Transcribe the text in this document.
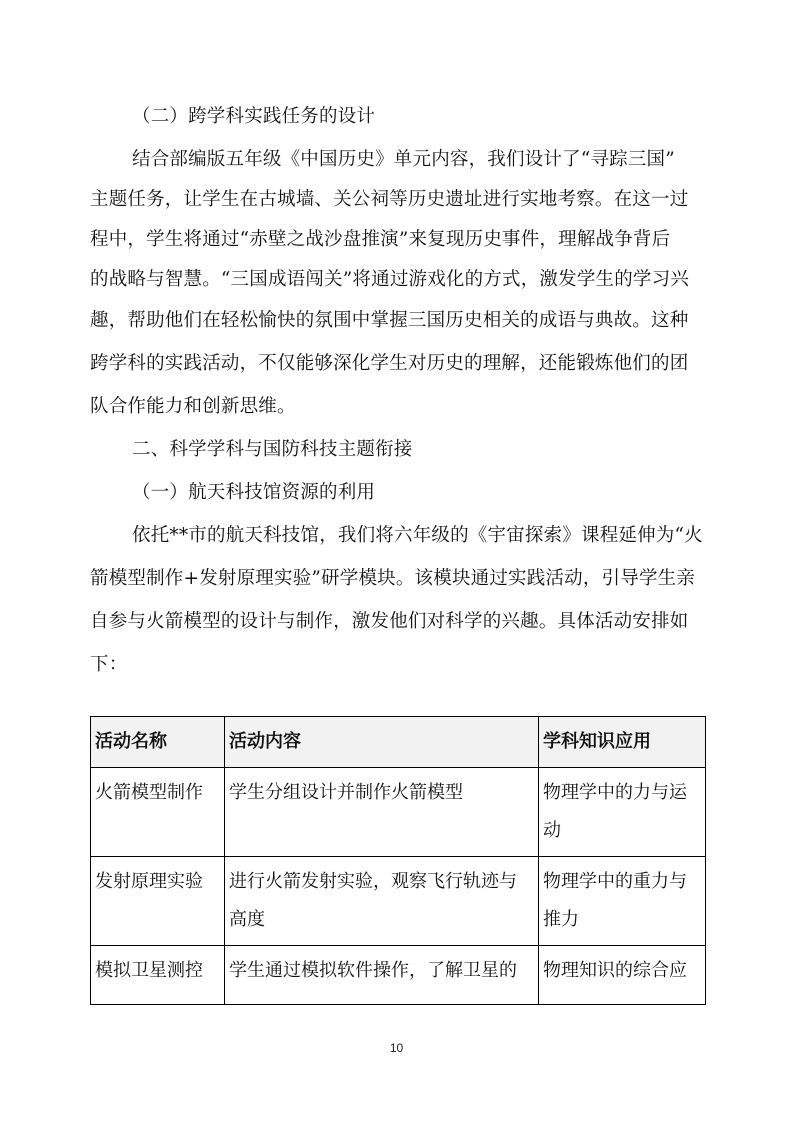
（二）跨学科实践任务的设计
结合部编版五年级《中国历史》单元内容，我们设计了“寻踪三国”
主题任务，让学生在古城墙、关公祠等历史遗址进行实地考察。在这一过
程中，学生将通过“赤壁之战沙盘推演”来复现历史事件，理解战争背后
的战略与智慧。“三国成语闯关”将通过游戏化的方式，激发学生的学习兴
趣，帮助他们在轻松愉快的氛围中掌握三国历史相关的成语与典故。这种
跨学科的实践活动，不仅能够深化学生对历史的理解，还能锻炼他们的团
队合作能力和创新思维。
二、科学学科与国防科技主题衔接
（一）航天科技馆资源的利用
依托**市的航天科技馆，我们将六年级的《宇宙探索》课程延伸为“火
箭模型制作+发射原理实验”研学模块。该模块通过实践活动，引导学生亲
自参与火箭模型的设计与制作，激发他们对科学的兴趣。具体活动安排如
下：
活动名称	活动内容	学科知识应用
火箭模型制作	学生分组设计并制作火箭模型	物理学中的力与运动
发射原理实验	进行火箭发射实验，观察飞行轨迹与高度	物理学中的重力与推力
模拟卫星测控	学生通过模拟软件操作，了解卫星的	物理知识的综合应
10
